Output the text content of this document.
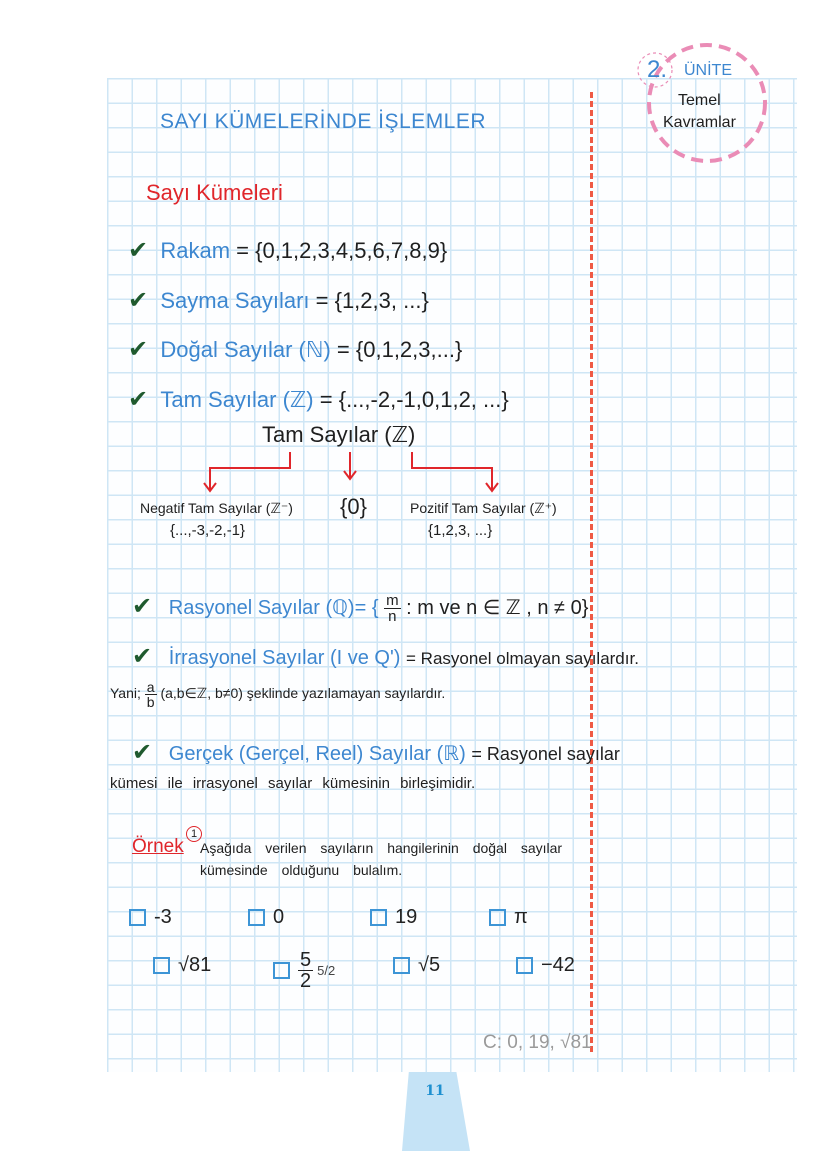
2. ÜNİTE
Temel
Kavramlar
SAYI KÜMELERİNDE İŞLEMLER
Sayı Kümeleri
✔ Rakam = {0,1,2,3,4,5,6,7,8,9}
✔ Sayma Sayıları = {1,2,3, ...}
✔ Doğal Sayılar (ℕ) = {0,1,2,3,...}
✔ Tam Sayılar (ℤ) = {...,-2,-1,0,1,2, ...}
Tam Sayılar (ℤ)
Negatif Tam Sayılar (ℤ⁻)
{...,-3,-2,-1}
{0}	Pozitif Tam Sayılar (ℤ⁺)
{1,2,3, ...}
✔ Rasyonel Sayılar (ℚ)= { $\frac{m}{n}$ : m ve n ∈ ℤ , n ≠ 0}
✔ İrrasyonel Sayılar (I ve Q') = Rasyonel olmayan sayılardır.
Yani; $\frac{a}{b}$ (a,b∈ℤ, b≠0) şeklinde yazılamayan sayılardır.
✔ Gerçek (Gerçel, Reel) Sayılar (ℝ) = Rasyonel sayılar
kümesi ile irrasyonel sayılar kümesinin birleşimidir.
Örnek
1
Aşağıda verilen sayıların hangilerinin doğal sayılar
kümesinde olduğunu bulalım.
-3	0	19	π
√81	$\frac{5}{2} 5/2$	√5	−42
C: 0, 19, √81
11
